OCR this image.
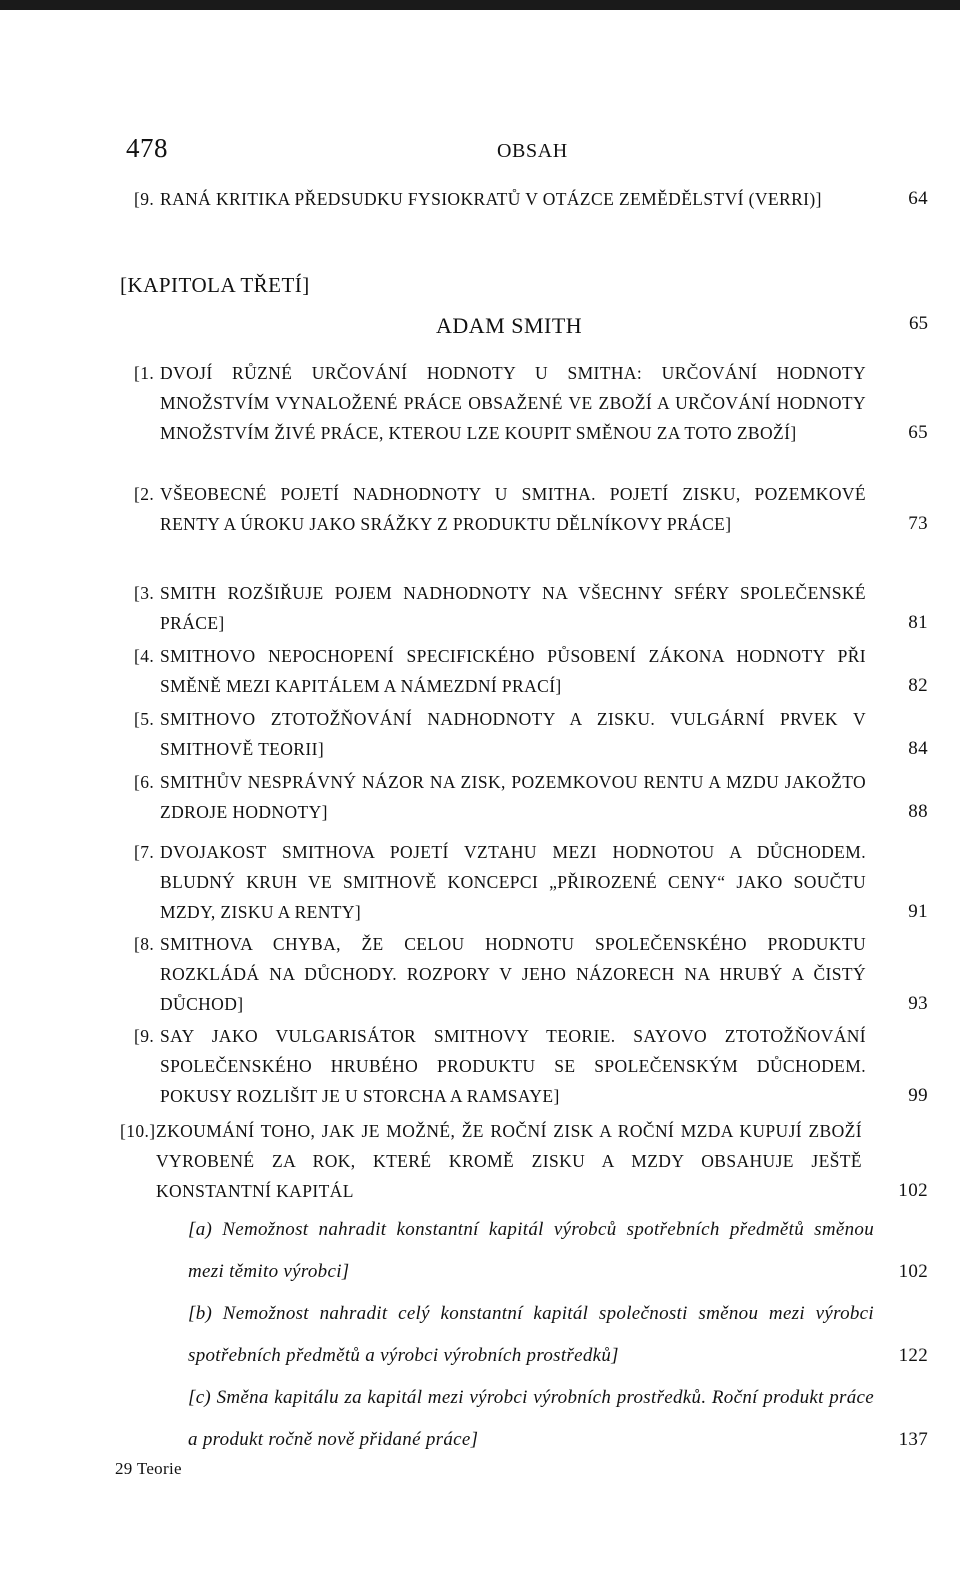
478	OBSAH
[9. RANÁ KRITIKA PŘEDSUDKU FYSIOKRATŮ V OTÁZCE ZEMĚDĚLSTVÍ (VERRI)]	64
[KAPITOLA TŘETÍ]
ADAM SMITH	65
[1. DVOJÍ RŮZNÉ URČOVÁNÍ HODNOTY U SMITHA: URČOVÁNÍ HODNOTY MNOŽSTVÍM VYNALOŽENÉ PRÁCE OBSAŽENÉ VE ZBOŽÍ A URČOVÁNÍ HODNOTY MNOŽSTVÍM ŽIVÉ PRÁCE, KTEROU LZE KOUPIT SMĚNOU ZA TOTO ZBOŽÍ]	65
[2. VŠEOBECNÉ POJETÍ NADHODNOTY U SMITHA. POJETÍ ZISKU, POZEMKOVÉ RENTY A ÚROKU JAKO SRÁŽKY Z PRODUKTU DĚLNÍKOVY PRÁCE]	73
[3. SMITH ROZŠIŘUJE POJEM NADHODNOTY NA VŠECHNY SFÉRY SPOLEČENSKÉ PRÁCE]	81
[4. SMITHOVO NEPOCHOPENÍ SPECIFICKÉHO PŮSOBENÍ ZÁKONA HODNOTY PŘI SMĚNĚ MEZI KAPITÁLEM A NÁMEZDNÍ PRACÍ]	82
[5. SMITHOVO ZTOTOŽŇOVÁNÍ NADHODNOTY A ZISKU. VULGÁRNÍ PRVEK V SMITHOVĚ TEORII]	84
[6. SMITHŮV NESPRÁVNÝ NÁZOR NA ZISK, POZEMKOVOU RENTU A MZDU JAKOŽTO ZDROJE HODNOTY]	88
[7. DVOJAKOST SMITHOVA POJETÍ VZTAHU MEZI HODNOTOU A DŮCHODEM. BLUDNÝ KRUH VE SMITHOVĚ KONCEPCI „PŘIROZENÉ CENY“ JAKO SOUČTU MZDY, ZISKU A RENTY]	91
[8. SMITHOVA CHYBA, ŽE CELOU HODNOTU SPOLEČENSKÉHO PRODUKTU ROZKLÁDÁ NA DŮCHODY. ROZPORY V JEHO NÁZORECH NA HRUBÝ A ČISTÝ DŮCHOD]	93
[9. SAY JAKO VULGARISÁTOR SMITHOVY TEORIE. SAYOVO ZTOTOŽŇOVÁNÍ SPOLEČENSKÉHO HRUBÉHO PRODUKTU SE SPOLEČENSKÝM DŮCHODEM. POKUSY ROZLIŠIT JE U STORCHA A RAMSAYE]	99
[10.] ZKOUMÁNÍ TOHO, JAK JE MOŽNÉ, ŽE ROČNÍ ZISK A ROČNÍ MZDA KUPUJÍ ZBOŽÍ VYROBENÉ ZA ROK, KTERÉ KROMĚ ZISKU A MZDY OBSAHUJE JEŠTĚ KONSTANTNÍ KAPITÁL	102
[a) Nemožnost nahradit konstantní kapitál výrobců spotřebních předmětů směnou mezi těmito výrobci]	102
[b) Nemožnost nahradit celý konstantní kapitál společnosti směnou mezi výrobci spotřebních předmětů a výrobci výrobních prostředků]	122
[c) Směna kapitálu za kapitál mezi výrobci výrobních prostředků. Roční produkt práce a produkt ročně nově přidané práce]	137
29 Teorie
